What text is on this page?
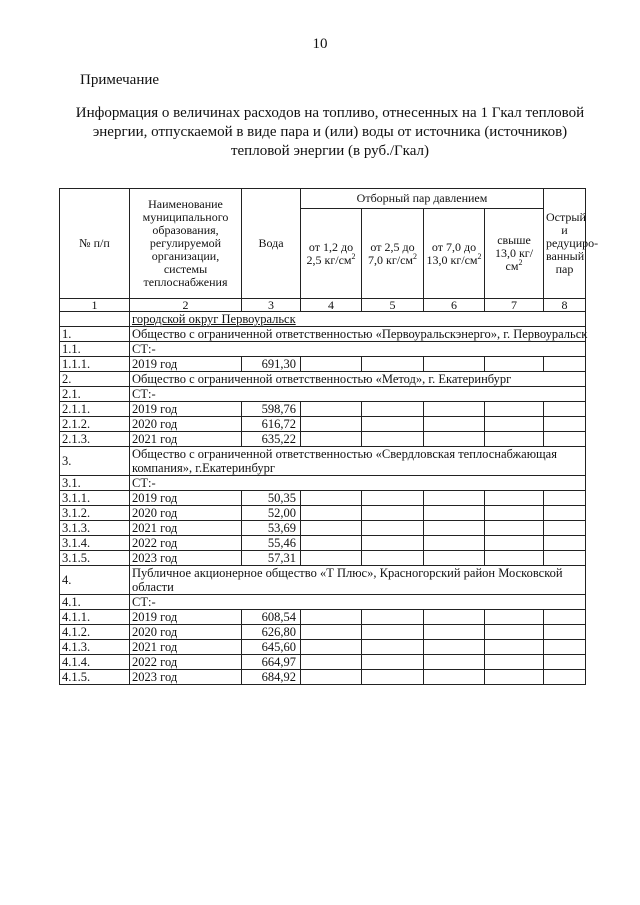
10
Примечание
Информация о величинах расходов на топливо, отнесенных на 1 Гкал тепловой энергии, отпускаемой в виде пара и (или) воды от источника (источников) тепловой энергии (в руб./Гкал)
№ п/п	Наименование муниципального образования, регулируемой организации, системы теплоснабжения	Вода	Отборный пар давлением				Острый и редуциро- ванный пар
			от 1,2 до 2,5 $кг/см^2$	от 2,5 до 7,0 $кг/см^2$	от 7,0 до 13,0 $кг/см^2$	свыше 13,0 $кг/см^2$
1	2	3	4	5	6	7	8
	городской округ Первоуральск						
1.	Общество с ограниченной ответственностью «Первоуральскэнерго», г. Первоуральск						
1.1.	СТ:-						
1.1.1.	2019 год	691,30					
2.	Общество с ограниченной ответственностью «Метод», г. Екатеринбург						
2.1.	СТ:-						
2.1.1.	2019 год	598,76					
2.1.2.	2020 год	616,72					
2.1.3.	2021 год	635,22					
3.	Общество с ограниченной ответственностью «Свердловская теплоснабжающая компания», г.Екатеринбург						
3.1.	СТ:-						
3.1.1.	2019 год	50,35					
3.1.2.	2020 год	52,00					
3.1.3.	2021 год	53,69					
3.1.4.	2022 год	55,46					
3.1.5.	2023 год	57,31					
4.	Публичное акционерное общество «Т Плюс», Красногорский район Московской области						
4.1.	СТ:-						
4.1.1.	2019 год	608,54					
4.1.2.	2020 год	626,80					
4.1.3.	2021 год	645,60					
4.1.4.	2022 год	664,97					
4.1.5.	2023 год	684,92					
